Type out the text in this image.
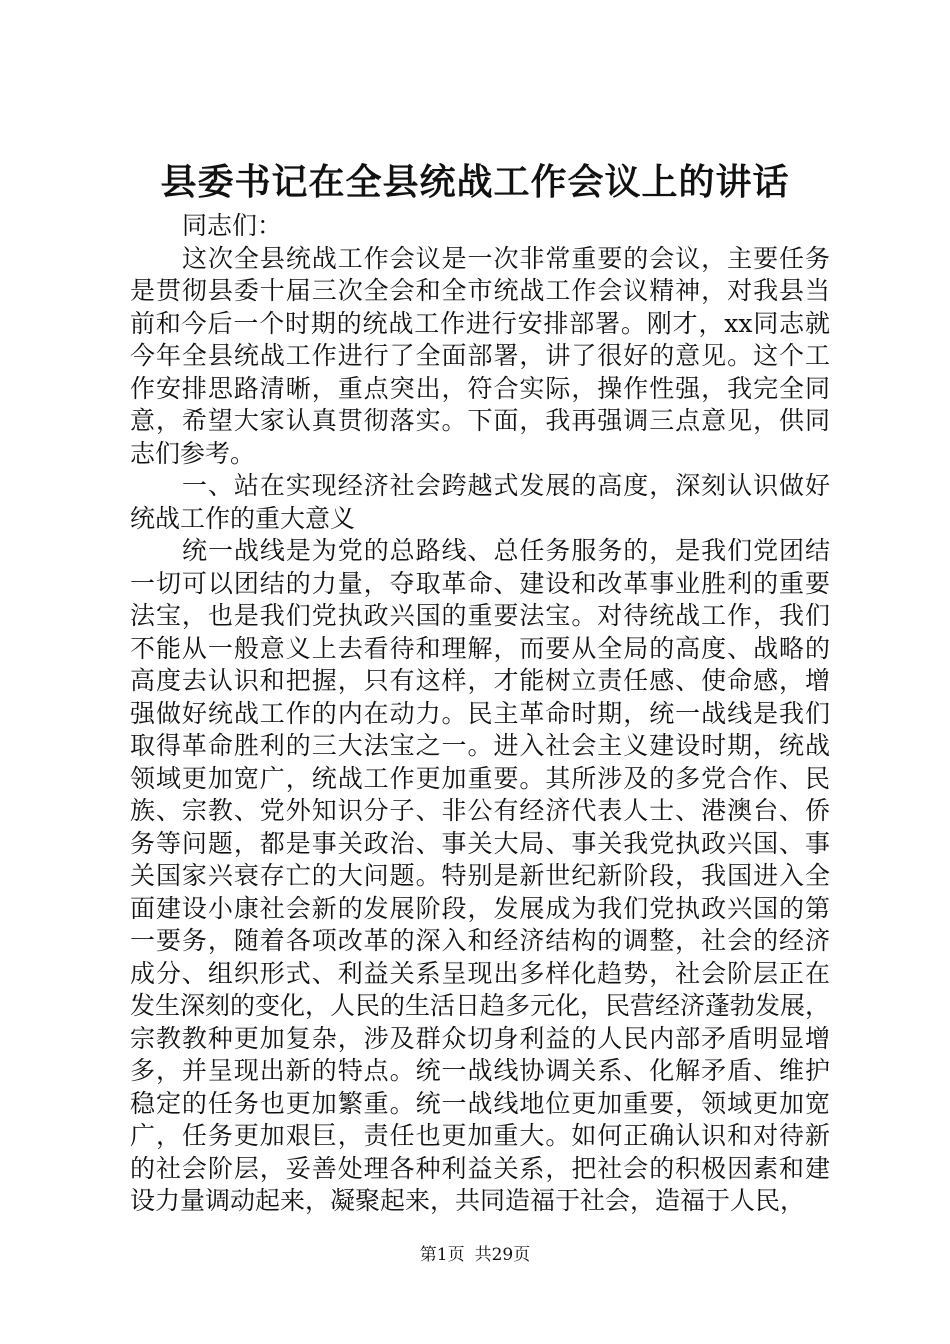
县委书记在全县统战工作会议上的讲话
同志们：
这次全县统战工作会议是一次非常重要的会议，主要任务
是贯彻县委十届三次全会和全市统战工作会议精神，对我县当
前和今后一个时期的统战工作进行安排部署。刚才，xx同志就
今年全县统战工作进行了全面部署，讲了很好的意见。这个工
作安排思路清晰，重点突出，符合实际，操作性强，我完全同
意，希望大家认真贯彻落实。下面，我再强调三点意见，供同
志们参考。
一、站在实现经济社会跨越式发展的高度，深刻认识做好
统战工作的重大意义
统一战线是为党的总路线、总任务服务的，是我们党团结
一切可以团结的力量，夺取革命、建设和改革事业胜利的重要
法宝，也是我们党执政兴国的重要法宝。对待统战工作，我们
不能从一般意义上去看待和理解，而要从全局的高度、战略的
高度去认识和把握，只有这样，才能树立责任感、使命感，增
强做好统战工作的内在动力。民主革命时期，统一战线是我们
取得革命胜利的三大法宝之一。进入社会主义建设时期，统战
领域更加宽广，统战工作更加重要。其所涉及的多党合作、民
族、宗教、党外知识分子、非公有经济代表人士、港澳台、侨
务等问题，都是事关政治、事关大局、事关我党执政兴国、事
关国家兴衰存亡的大问题。特别是新世纪新阶段，我国进入全
面建设小康社会新的发展阶段，发展成为我们党执政兴国的第
一要务，随着各项改革的深入和经济结构的调整，社会的经济
成分、组织形式、利益关系呈现出多样化趋势，社会阶层正在
发生深刻的变化，人民的生活日趋多元化，民营经济蓬勃发展，
宗教教种更加复杂，涉及群众切身利益的人民内部矛盾明显增
多，并呈现出新的特点。统一战线协调关系、化解矛盾、维护
稳定的任务也更加繁重。统一战线地位更加重要，领域更加宽
广，任务更加艰巨，责任也更加重大。如何正确认识和对待新
的社会阶层，妥善处理各种利益关系，把社会的积极因素和建
设力量调动起来，凝聚起来，共同造福于社会，造福于人民，
第1页 共29页
